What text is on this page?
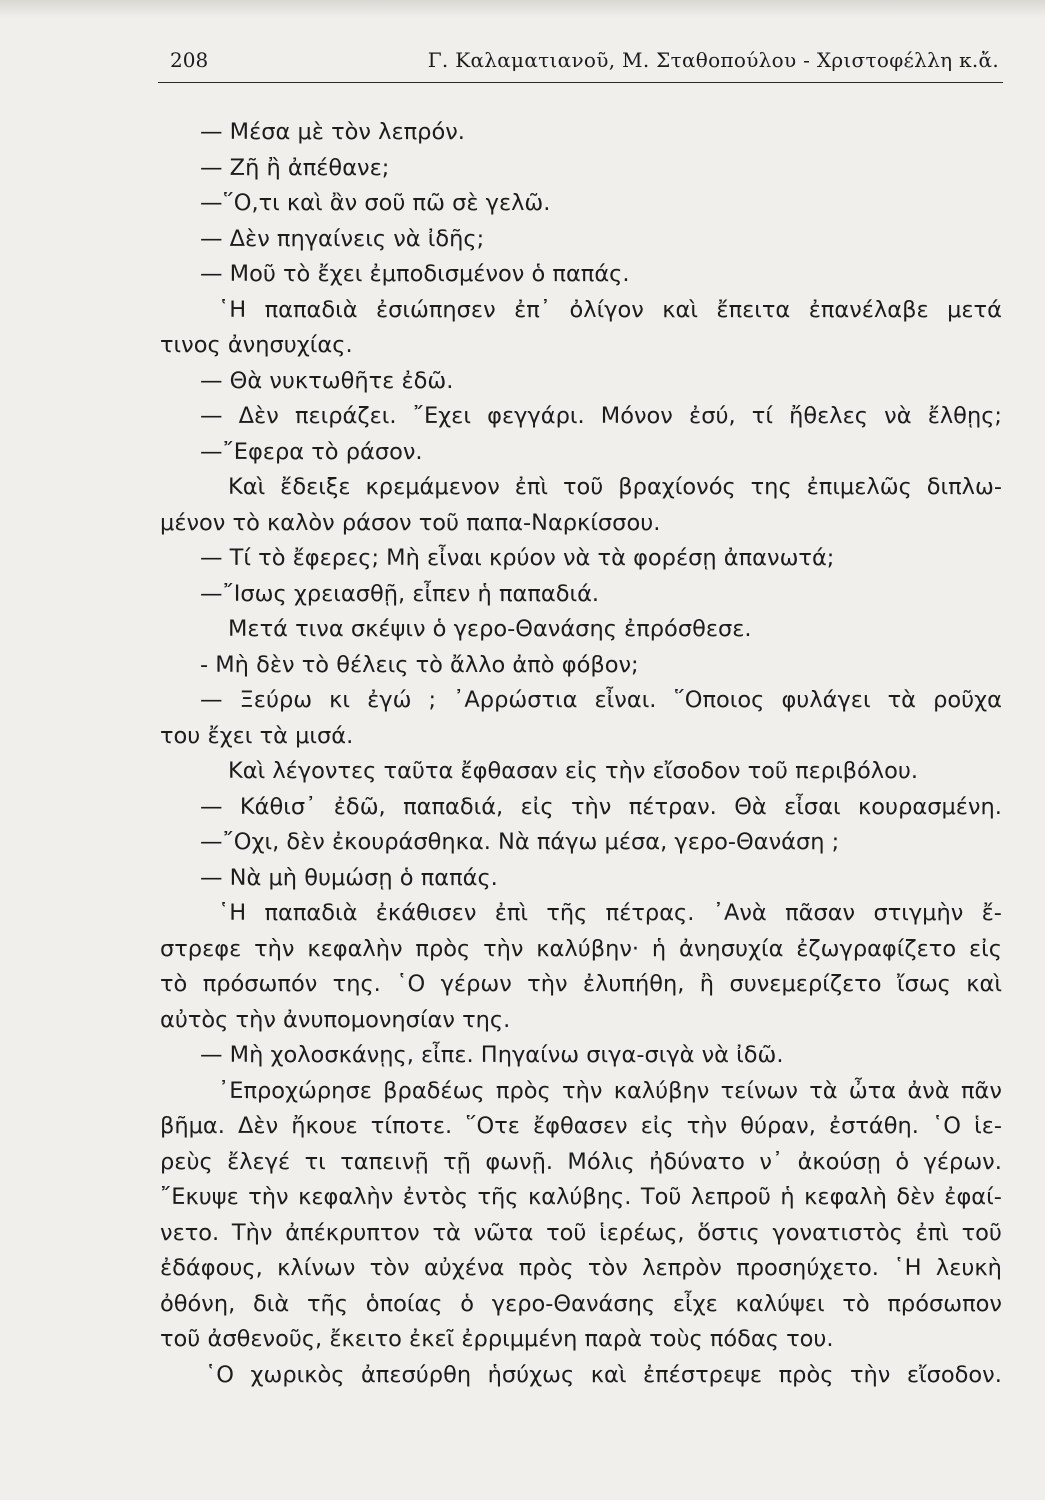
208	Γ. Καλαματιανοῦ, Μ. Σταθοπούλου - Χριστοφέλλη κ.ἄ.
— Μέσα μὲ τὸν λεπρόν.
— Ζῆ ἢ ἀπέθανε;
—῞Ο,τι καὶ ἂν σοῦ πῶ σὲ γελῶ.
— Δὲν πηγαίνεις νὰ ἰδῆς;
— Μοῦ τὸ ἔχει ἐμποδισμένον ὁ παπάς.
῾Η παπαδιὰ ἐσιώπησεν ἐπ᾽ ὀλίγον καὶ ἔπειτα ἐπανέλαβε μετά
τινος ἀνησυχίας.
— Θὰ νυκτωθῆτε ἐδῶ.
— Δὲν πειράζει. ῎Εχει φεγγάρι. Μόνον ἐσύ, τί ἤθελες νὰ ἔλθῃς;
—῎Εφερα τὸ ράσον.
Καὶ ἔδειξε κρεμάμενον ἐπὶ τοῦ βραχίονός της ἐπιμελῶς διπλω-
μένον τὸ καλὸν ράσον τοῦ παπα-Ναρκίσσου.
— Τί τὸ ἔφερες; Μὴ εἶναι κρύον νὰ τὰ φορέσῃ ἀπανωτά;
—῎Ισως χρειασθῇ, εἶπεν ἡ παπαδιά.
Μετά τινα σκέψιν ὁ γερο-Θανάσης ἐπρόσθεσε.
- Μὴ δὲν τὸ θέλεις τὸ ἄλλο ἀπὸ φόβον;
— Ξεύρω κι ἐγώ ; ᾽Αρρώστια εἶναι. ῞Οποιος φυλάγει τὰ ροῦχα
του ἔχει τὰ μισά.
Καὶ λέγοντες ταῦτα ἔφθασαν εἰς τὴν εἴσοδον τοῦ περιβόλου.
— Κάθισ᾽ ἐδῶ, παπαδιά, εἰς τὴν πέτραν. Θὰ εἶσαι κουρασμένη.
—῎Οχι, δὲν ἐκουράσθηκα. Νὰ πάγω μέσα, γερο-Θανάση ;
— Νὰ μὴ θυμώσῃ ὁ παπάς.
῾Η παπαδιὰ ἐκάθισεν ἐπὶ τῆς πέτρας. ᾽Ανὰ πᾶσαν στιγμὴν ἔ-
στρεφε τὴν κεφαλὴν πρὸς τὴν καλύβην· ἡ ἀνησυχία ἐζωγραφίζετο εἰς
τὸ πρόσωπόν της. ῾Ο γέρων τὴν ἐλυπήθη, ἢ συνεμερίζετο ἴσως καὶ
αὐτὸς τὴν ἀνυπομονησίαν της.
— Μὴ χολοσκάνῃς, εἶπε. Πηγαίνω σιγα-σιγὰ νὰ ἰδῶ.
᾽Επροχώρησε βραδέως πρὸς τὴν καλύβην τείνων τὰ ὦτα ἀνὰ πᾶν
βῆμα. Δὲν ἤκουε τίποτε. ῞Οτε ἔφθασεν εἰς τὴν θύραν, ἐστάθη. ῾Ο ἱε-
ρεὺς ἔλεγέ τι ταπεινῇ τῇ φωνῇ. Μόλις ἠδύνατο ν᾽ ἀκούσῃ ὁ γέρων.
῎Εκυψε τὴν κεφαλὴν ἐντὸς τῆς καλύβης. Τοῦ λεπροῦ ἡ κεφαλὴ δὲν ἐφαί-
νετο. Τὴν ἀπέκρυπτον τὰ νῶτα τοῦ ἱερέως, ὅστις γονατιστὸς ἐπὶ τοῦ
ἐδάφους, κλίνων τὸν αὐχένα πρὸς τὸν λεπρὸν προσηύχετο. ῾Η λευκὴ
ὀθόνη, διὰ τῆς ὁποίας ὁ γερο-Θανάσης εἶχε καλύψει τὸ πρόσωπον
τοῦ ἀσθενοῦς, ἔκειτο ἐκεῖ ἐρριμμένη παρὰ τοὺς πόδας του.
῾Ο χωρικὸς ἀπεσύρθη ἡσύχως καὶ ἐπέστρεψε πρὸς τὴν εἴσοδον.
